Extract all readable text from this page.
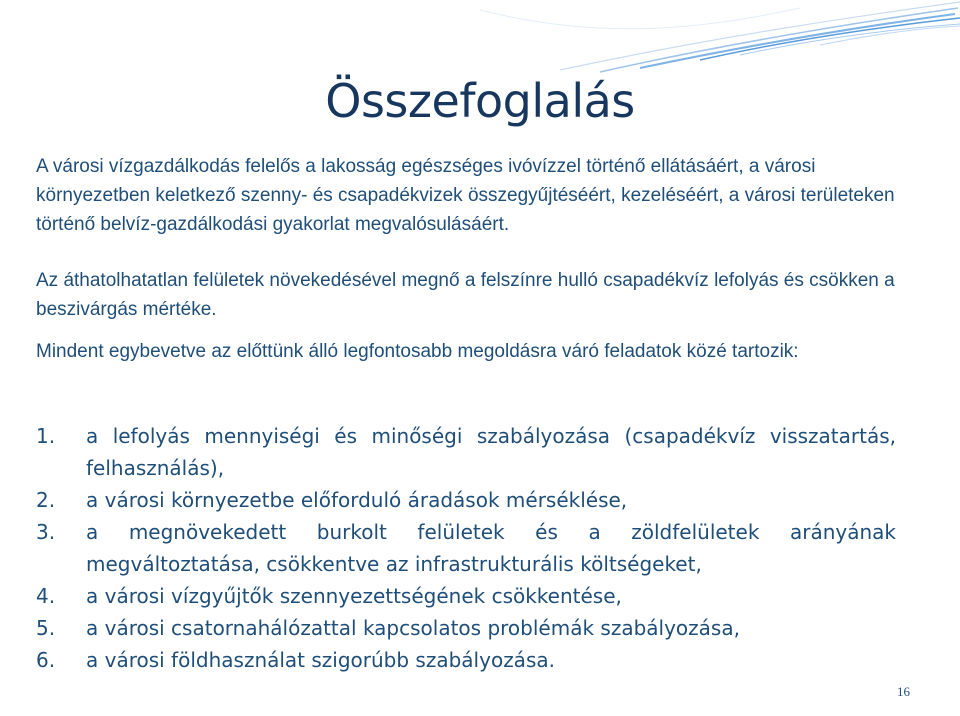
Összefoglalás

A városi vízgazdálkodás felelős a lakosság egészséges ivóvízzel történő ellátásáért, a városi környezetben keletkező szenny- és csapadékvizek összegyűjtéséért, kezeléséért, a városi területeken történő belvíz-gazdálkodási gyakorlat megvalósulásáért.

Az áthatolhatatlan felületek növekedésével megnő a felszínre hulló csapadékvíz lefolyás és csökken a beszivárgás mértéke.

Mindent egybevetve az előttünk álló legfontosabb megoldásra váró feladatok közé tartozik:

1.	a lefolyás mennyiségi és minőségi szabályozása (csapadékvíz visszatartás,
felhasználás),
2.	a városi környezetbe előforduló áradások mérséklése,
3.	a megnövekedett burkolt felületek és a zöldfelületek arányának
megváltoztatása, csökkentve az infrastrukturális költségeket,
4.	a városi vízgyűjtők szennyezettségének csökkentése,
5.	a városi csatornahálózattal kapcsolatos problémák szabályozása,
6.	a városi földhasználat szigorúbb szabályozása.
16
